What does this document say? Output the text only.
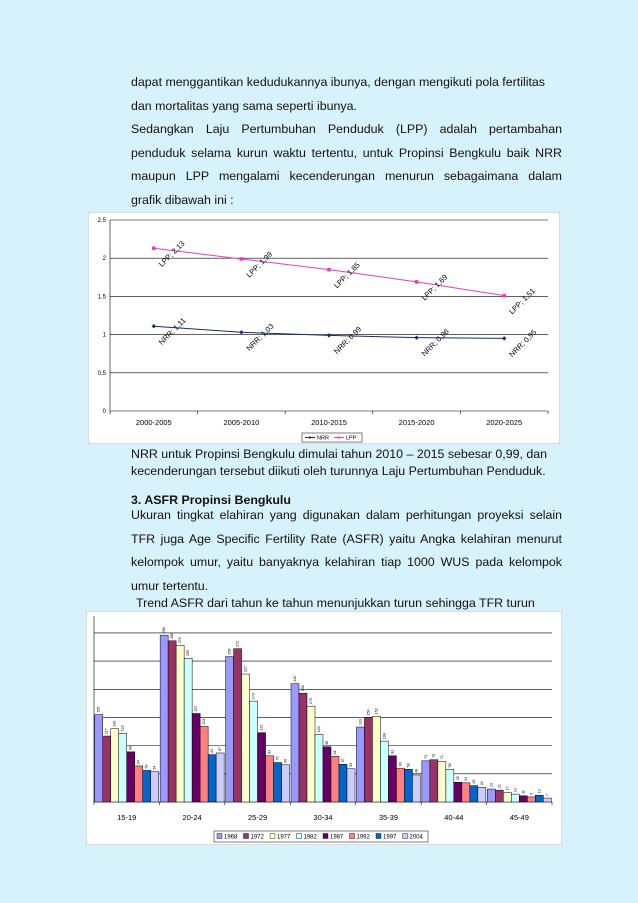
dapat menggantikan kedudukannya ibunya, dengan mengikuti pola fertilitas
dan mortalitas yang sama seperti ibunya.

Sedangkan Laju Pertumbuhan Penduduk (LPP) adalah pertambahan
penduduk selama kurun waktu tertentu, untuk Propinsi Bengkulu baik NRR
maupun LPP mengalami kecenderungan menurun sebagaimana dalam
grafik dibawah ini :
0
0.5
1
1.5
2
2.5
2000-2005	2005-2010	2010-2015	2015-2020	2020-2025
NRR; 1,11	NRR; 1,03	NRR; 0,99	NRR; 0,96	NRR; 0,95
LPP; 2,13	LPP; 1,99	LPP; 1,85	LPP; 1,69	LPP; 1,51
NRR	LPP
NRR untuk Propinsi Bengkulu dimulai tahun 2010 – 2015 sebesar 0,99, dan
kecenderungan tersebut diikuti oleh turunnya Laju Pertumbuhan Penduduk.
3. ASFR Propinsi Bengkulu
Ukuran tingkat elahiran yang digunakan dalam perhitungan proyeksi selain
TFR juga Age Specific Fertility Rate (ASFR) yaitu Angka kelahiran menurut
kelompok umur, yaitu banyaknya kelahiran tiap 1000 WUS pada kelompok
umur tertentu.
Trend ASFR dari tahun ke tahun menunjukkan turun sehingga TFR turun
15-19
155
117
130
122
89
64
56 54
20-24
296
286
278
255
157
134
84 87
25-29
258
272
227
179
123
82
70
66
30-34
210
193
170
120
98
81
67
59
35-39
133
150 152
108
82
60 58
48
40-44
73 75 72
58
35 34
29 26
45-49
23 21
17 14 11
9
12
7
1968 1972 1977 1982 1987 1992 1997 2004
